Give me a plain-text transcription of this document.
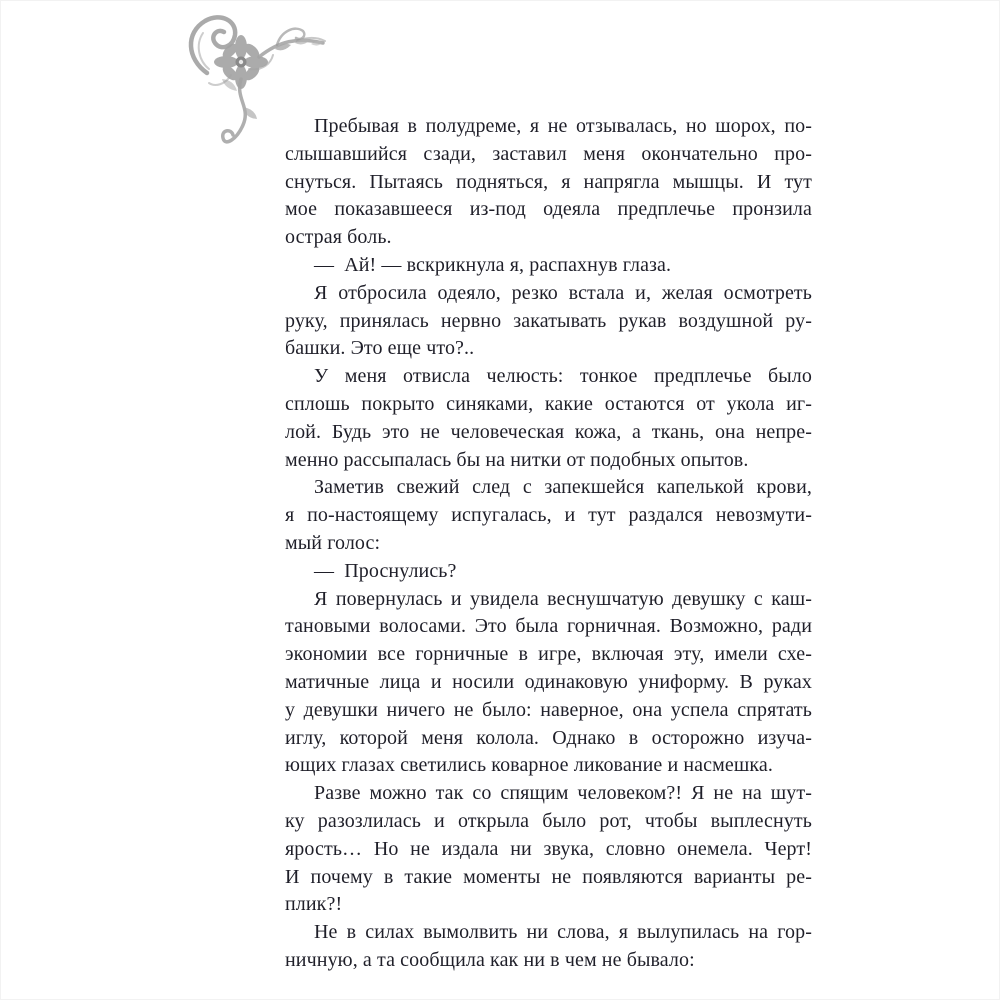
Пребывая в полудреме, я не отзывалась, но шорох, по-
слышавшийся сзади, заставил меня окончательно про-
снуться. Пытаясь подняться, я напрягла мышцы. И тут
мое показавшееся из-под одеяла предплечье пронзила
острая боль.
— Ай! — вскрикнула я, распахнув глаза.
Я отбросила одеяло, резко встала и, желая осмотреть
руку, принялась нервно закатывать рукав воздушной ру-
башки. Это еще что?..
У меня отвисла челюсть: тонкое предплечье было
сплошь покрыто синяками, какие остаются от укола иг-
лой. Будь это не человеческая кожа, а ткань, она непре-
менно рассыпалась бы на нитки от подобных опытов.
Заметив свежий след с запекшейся капелькой крови,
я по-настоящему испугалась, и тут раздался невозмути-
мый голос:
— Проснулись?
Я повернулась и увидела веснушчатую девушку с каш-
тановыми волосами. Это была горничная. Возможно, ради
экономии все горничные в игре, включая эту, имели схе-
матичные лица и носили одинаковую униформу. В руках
у девушки ничего не было: наверное, она успела спрятать
иглу, которой меня колола. Однако в осторожно изуча-
ющих глазах светились коварное ликование и насмешка.
Разве можно так со спящим человеком?! Я не на шут-
ку разозлилась и открыла было рот, чтобы выплеснуть
ярость… Но не издала ни звука, словно онемела. Черт!
И почему в такие моменты не появляются варианты ре-
плик?!
Не в силах вымолвить ни слова, я вылупилась на гор-
ничную, а та сообщила как ни в чем не бывало:
